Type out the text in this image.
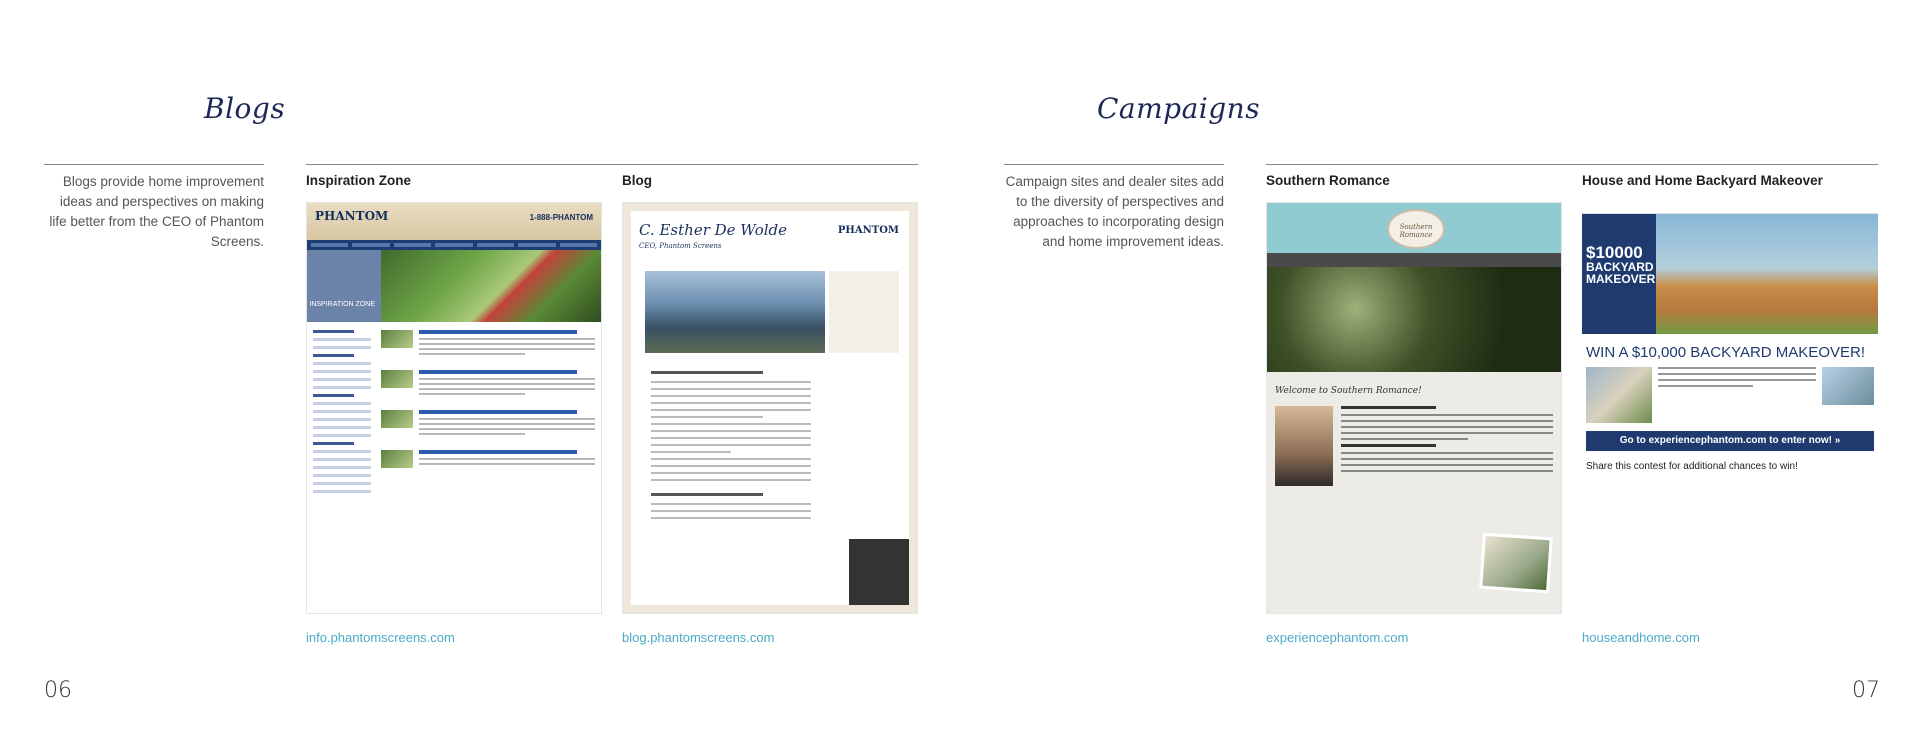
Blogs
Blogs provide home improvement ideas and perspectives on making life better from the CEO of Phantom Screens.
Inspiration Zone
PHANTOM	1-888-PHANTOM
INSPIRATION ZONE
info.phantomscreens.com
Blog
C. Esther De Wolde
CEO, Phantom Screens
PHANTOM
blog.phantomscreens.com
06
Campaigns
Campaign sites and dealer sites add to the diversity of perspectives and approaches to incorporating design and home improvement ideas.
Southern Romance
Southern Romance
Welcome to Southern Romance!
experiencephantom.com
House and Home Backyard Makeover
$10000
BACKYARD
MAKEOVER
WIN A $10,000 BACKYARD MAKEOVER!
Go to experiencephantom.com to enter now! »
Share this contest for additional chances to win!
houseandhome.com
07
